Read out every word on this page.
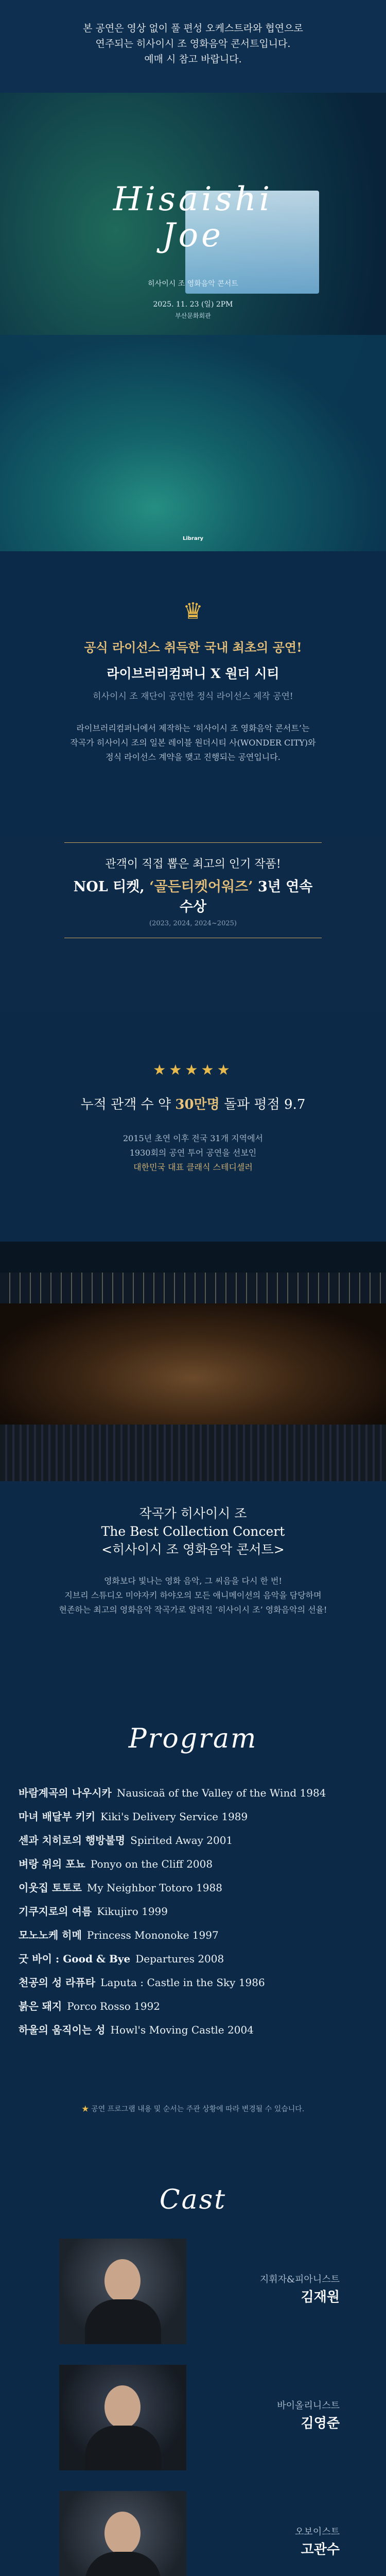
본 공연은 영상 없이 풀 편성 오케스트라와 협연으로

연주되는 히사이시 조 영화음악 콘서트입니다.

예매 시 참고 바랍니다.

Hisaishi
Joe
히사이시 조 영화음악 콘서트
2025. 11. 23 (일) 2PM
부산문화회관
Library
♛

공식 라이선스 취득한 국내 최초의 공연!

라이브러리컴퍼니 X 원더 시티

히사이시 조 재단이 공인한 정식 라이선스 제작 공연!

라이브러리컴퍼니에서 제작하는 ‘히사이시 조 영화음악 콘서트’는
작곡가 히사이시 조의 일본 레이블 원더시티 사(WONDER CITY)와
정식 라이선스 계약을 맺고 진행되는 공연입니다.
관객이 직접 뽑은 최고의 인기 작품!
NOL 티켓, ‘골든티켓어워즈’ 3년 연속 수상
(2023, 2024, 2024~2025)
★★★★★
누적 관객 수 약 30만명 돌파 평점 9.7
2015년 초연 이후 전국 31개 지역에서
1930회의 공연 투어 공연을 선보인
대한민국 대표 클래식 스테디셀러
작곡가 히사이시 조
The Best Collection Concert
<히사이시 조 영화음악 콘서트>
영화보다 빛나는 영화 음악, 그 씨음을 다시 한 번!
지브리 스튜디오 미야자키 하야오의 모든 애니메이션의 음악을 담당하며
현존하는 최고의 영화음악 작곡가로 알려진 ‘히사이시 조’ 영화음악의 선율!
Program
바람계곡의 나우시카 Nausicaä of the Valley of the Wind 1984
마녀 배달부 키키 Kiki's Delivery Service 1989
센과 치히로의 행방불명 Spirited Away 2001
벼랑 위의 포뇨 Ponyo on the Cliff 2008
이웃집 토토로 My Neighbor Totoro 1988
기쿠지로의 여름 Kikujiro 1999
모노노케 히메 Princess Mononoke 1997
굿 바이 : Good & Bye Departures 2008
천공의 성 라퓨타 Laputa : Castle in the Sky 1986
붉은 돼지 Porco Rosso 1992
하울의 움직이는 성 Howl's Moving Castle 2004
★ 공연 프로그램 내용 및 순서는 주관 상황에 따라 변경될 수 있습니다.
Cast
지휘자&피아니스트
김재원
바이올리니스트
김영준
오보이스트
고관수
